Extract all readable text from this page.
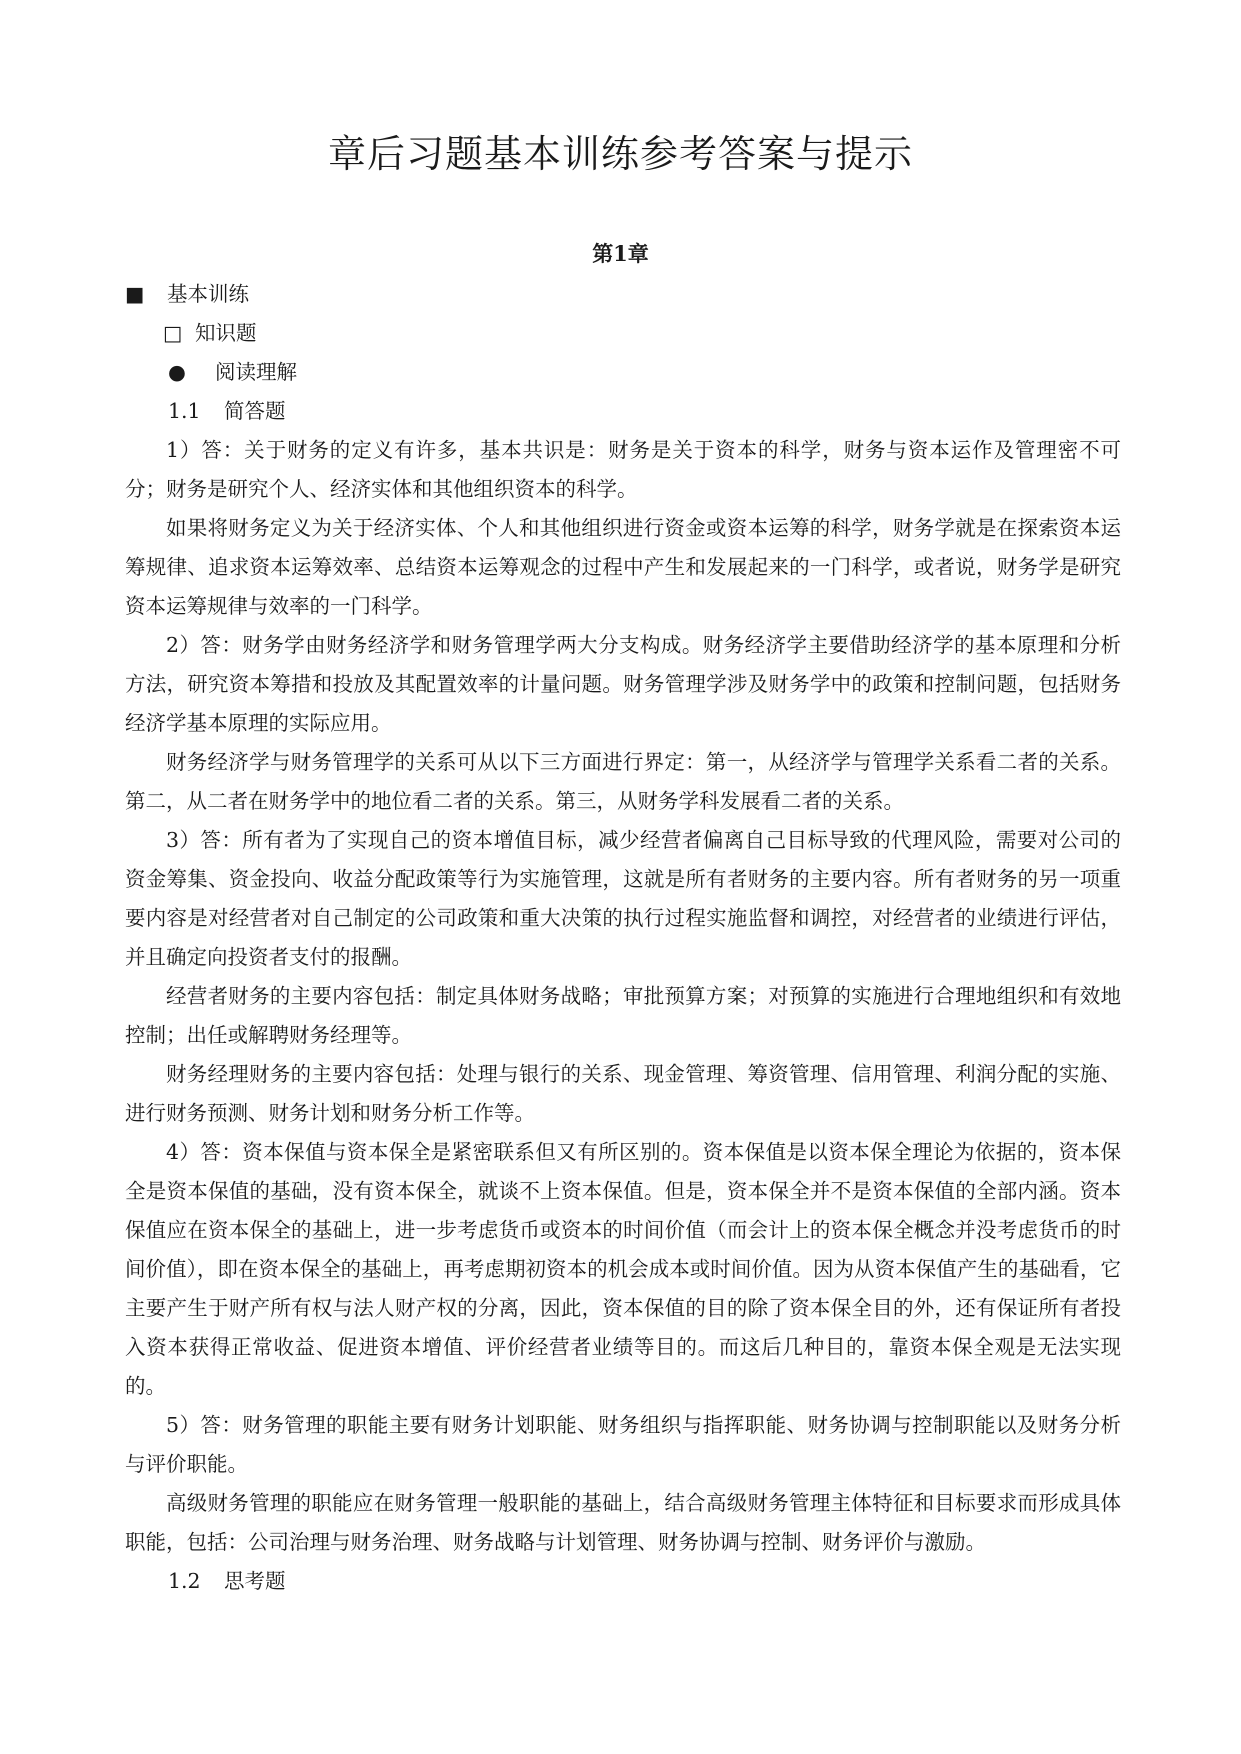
章后习题基本训练参考答案与提示
第1章
■ 基本训练
□ 知识题
● 阅读理解
1.1 简答题

1）答：关于财务的定义有许多，基本共识是：财务是关于资本的科学，财务与资本运作及管理密不可分；财务是研究个人、经济实体和其他组织资本的科学。

如果将财务定义为关于经济实体、个人和其他组织进行资金或资本运筹的科学，财务学就是在探索资本运筹规律、追求资本运筹效率、总结资本运筹观念的过程中产生和发展起来的一门科学，或者说，财务学是研究资本运筹规律与效率的一门科学。

2）答：财务学由财务经济学和财务管理学两大分支构成。财务经济学主要借助经济学的基本原理和分析方法，研究资本筹措和投放及其配置效率的计量问题。财务管理学涉及财务学中的政策和控制问题，包括财务经济学基本原理的实际应用。

财务经济学与财务管理学的关系可从以下三方面进行界定：第一，从经济学与管理学关系看二者的关系。第二，从二者在财务学中的地位看二者的关系。第三，从财务学科发展看二者的关系。

3）答：所有者为了实现自己的资本增值目标，减少经营者偏离自己目标导致的代理风险，需要对公司的资金筹集、资金投向、收益分配政策等行为实施管理，这就是所有者财务的主要内容。所有者财务的另一项重要内容是对经营者对自己制定的公司政策和重大决策的执行过程实施监督和调控，对经营者的业绩进行评估，并且确定向投资者支付的报酬。

经营者财务的主要内容包括：制定具体财务战略；审批预算方案；对预算的实施进行合理地组织和有效地控制；出任或解聘财务经理等。

财务经理财务的主要内容包括：处理与银行的关系、现金管理、筹资管理、信用管理、利润分配的实施、进行财务预测、财务计划和财务分析工作等。

4）答：资本保值与资本保全是紧密联系但又有所区别的。资本保值是以资本保全理论为依据的，资本保全是资本保值的基础，没有资本保全，就谈不上资本保值。但是，资本保全并不是资本保值的全部内涵。资本保值应在资本保全的基础上，进一步考虑货币或资本的时间价值（而会计上的资本保全概念并没考虑货币的时间价值），即在资本保全的基础上，再考虑期初资本的机会成本或时间价值。因为从资本保值产生的基础看，它主要产生于财产所有权与法人财产权的分离，因此，资本保值的目的除了资本保全目的外，还有保证所有者投入资本获得正常收益、促进资本增值、评价经营者业绩等目的。而这后几种目的，靠资本保全观是无法实现的。

5）答：财务管理的职能主要有财务计划职能、财务组织与指挥职能、财务协调与控制职能以及财务分析与评价职能。

高级财务管理的职能应在财务管理一般职能的基础上，结合高级财务管理主体特征和目标要求而形成具体职能，包括：公司治理与财务治理、财务战略与计划管理、财务协调与控制、财务评价与激励。

1.2 思考题
